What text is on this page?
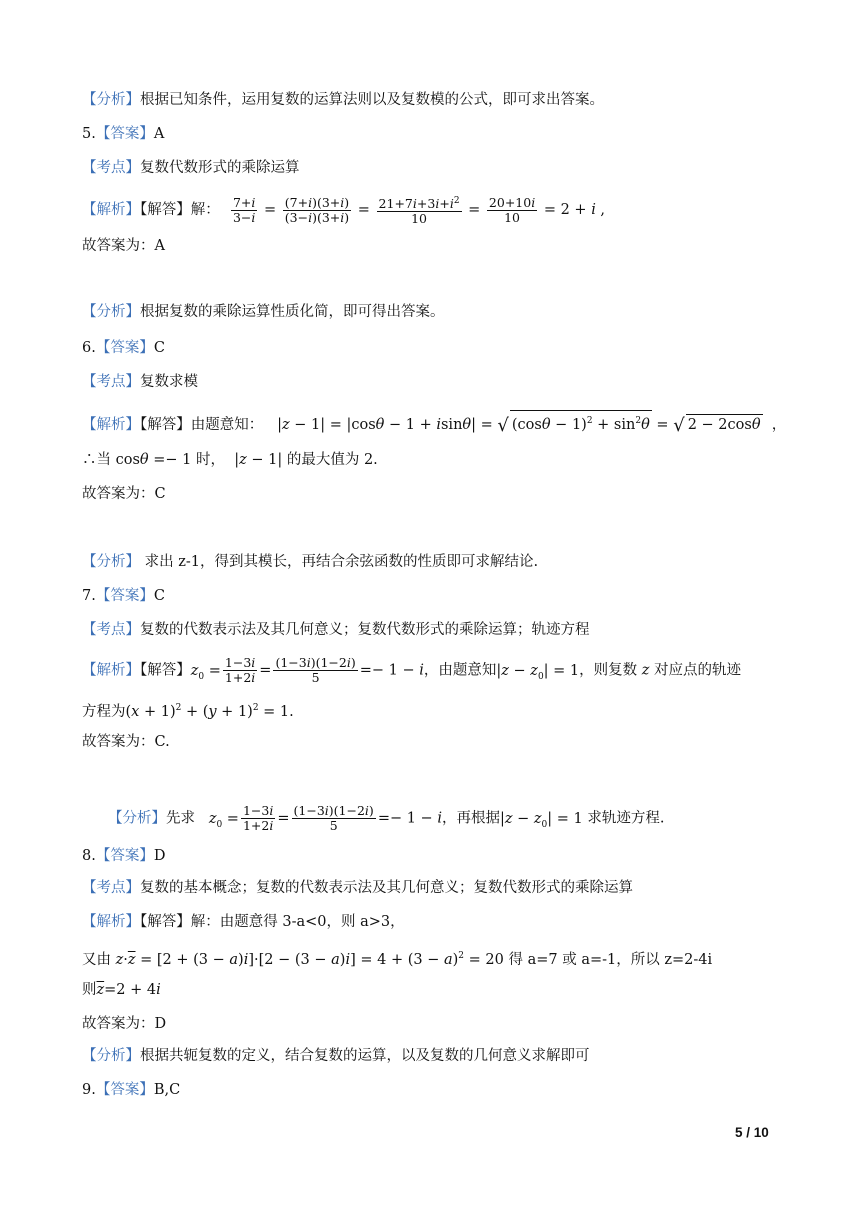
【分析】根据已知条件，运用复数的运算法则以及复数模的公式，即可求出答案。
5.【答案】A
【考点】复数代数形式的乘除运算
【解析】【解答】解： $\frac{7+i}{3-i} = \frac{(7+i)(3+i)}{(3-i)(3+i)} = \frac{21+7i+3i+i^2}{10} = \frac{20+10i}{10} = 2 + i$ ,
故答案为：A
【分析】根据复数的乘除运算性质化简，即可得出答案。
6.【答案】C
【考点】复数求模
【解析】【解答】由题意知： |z − 1| = |cosθ − 1 + isinθ| = √ $(\cos\theta - 1)^2 + \sin^2\theta$ = √ 2 − 2cosθ  ，
∴当 cosθ =− 1 时， |z − 1| 的最大值为 2.
故答案为：C
【分析】 求出 z-1，得到其模长，再结合余弦函数的性质即可求解结论.
7.【答案】C
【考点】复数的代数表示法及其几何意义；复数代数形式的乘除运算；轨迹方程
【解析】【解答】$z_0 = \frac{1-3i}{1+2i} = \frac{(1-3i)(1-2i)}{5} =- 1 - i$，由题意知$|z - z_0| = 1$，则复数 z 对应点的轨迹
方程为$(x + 1)^2 + (y + 1)^2 = 1$.
故答案为：C.
【分析】先求 $z_0 = \frac{1-3i}{1+2i} = \frac{(1-3i)(1-2i)}{5} =- 1 - i$，再根据$|z - z_0| = 1$ 求轨迹方程.
8.【答案】D
【考点】复数的基本概念；复数的代数表示法及其几何意义；复数代数形式的乘除运算
【解析】【解答】解：由题意得 3-a<0，则 a>3，
又由 $z\cdot\overline{z} = [2 + (3 - a)i]\cdot[2 - (3 - a)i] = 4 + (3 - a)^2 = 20$ 得 a=7 或 a=-1，所以 z=2-4i
则$\overline{z}=2 + 4i$
故答案为：D
【分析】根据共轭复数的定义，结合复数的运算，以及复数的几何意义求解即可
9.【答案】B,C
5 / 10
